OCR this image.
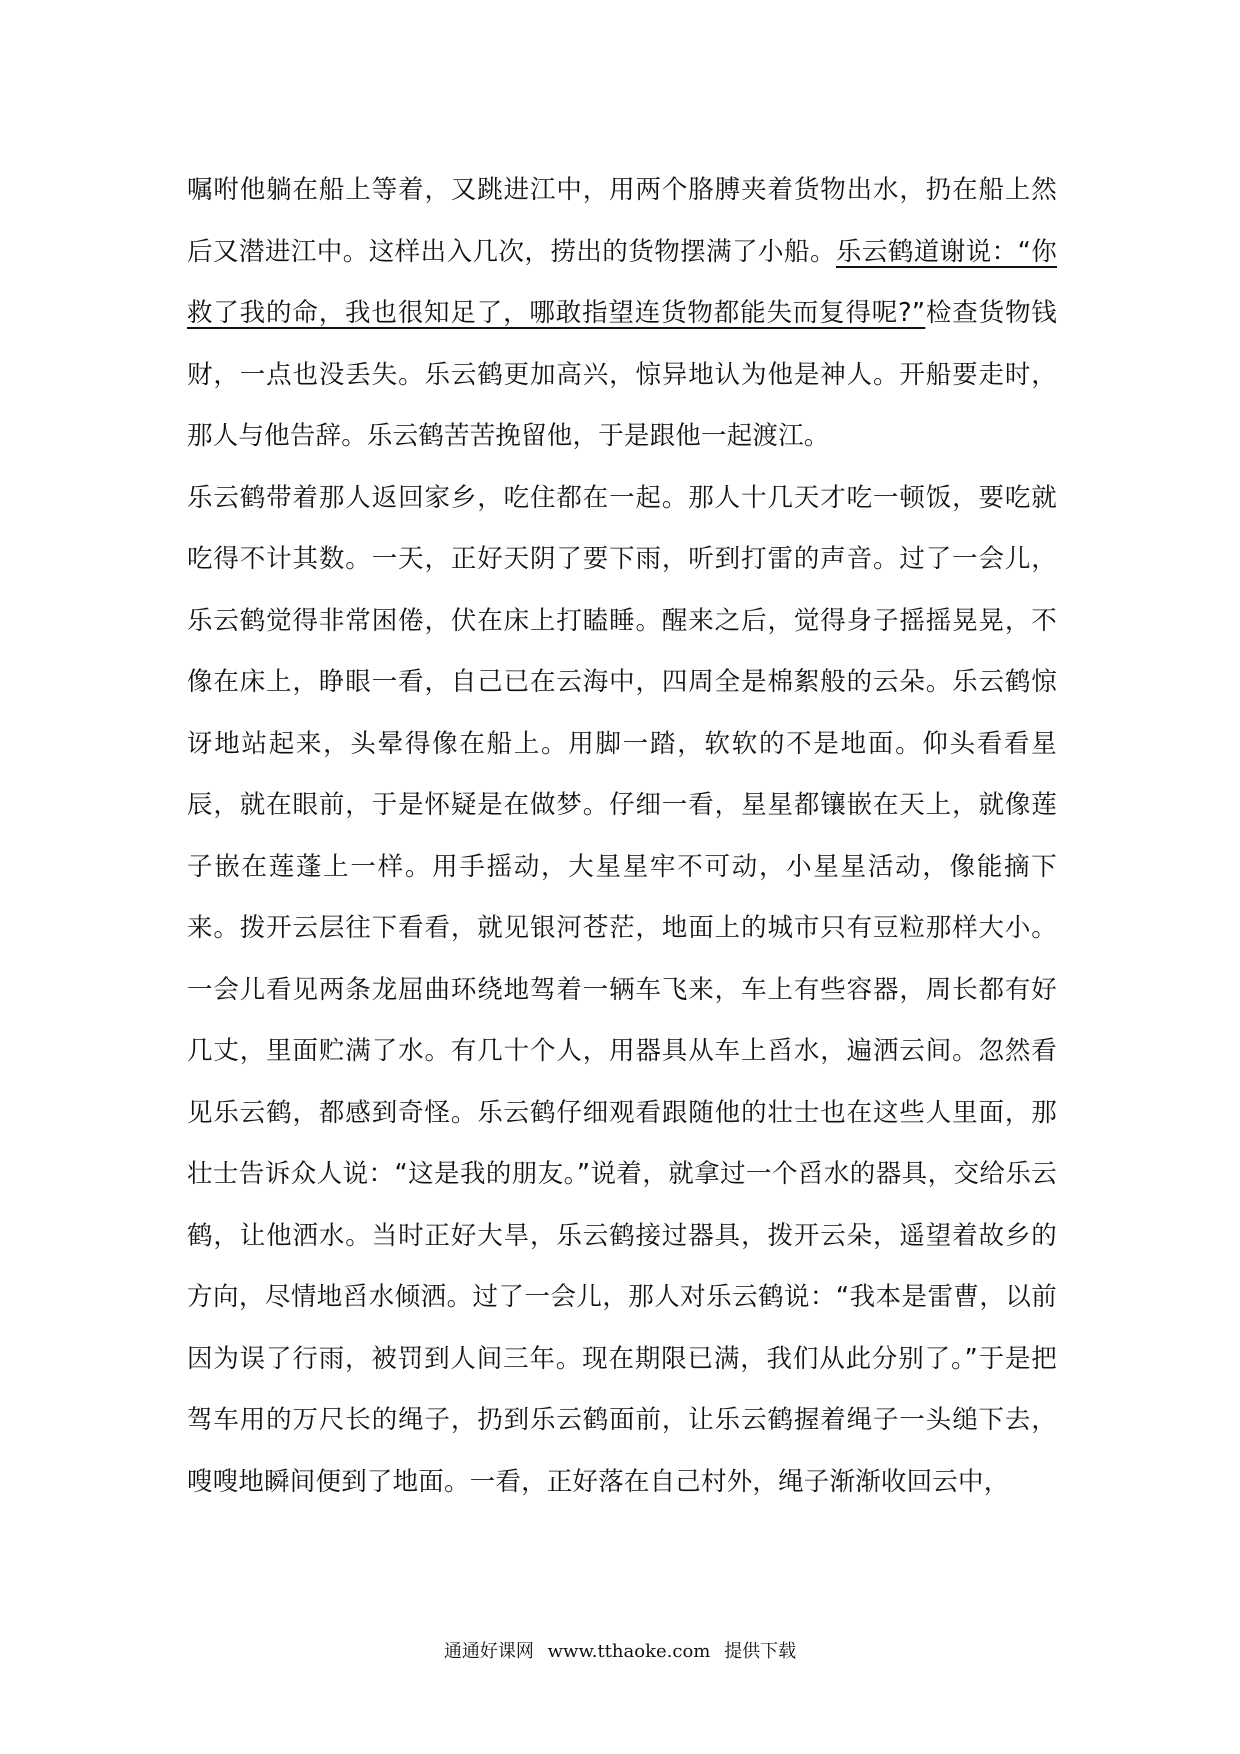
嘱咐他躺在船上等着，又跳进江中，用两个胳膊夹着货物出水，扔在船上然后又潜进江中。这样出入几次，捞出的货物摆满了小船。乐云鹤道谢说：“你救了我的命，我也很知足了，哪敢指望连货物都能失而复得呢?”检查货物钱财，一点也没丢失。乐云鹤更加高兴，惊异地认为他是神人。开船要走时，那人与他告辞。乐云鹤苦苦挽留他，于是跟他一起渡江。

乐云鹤带着那人返回家乡，吃住都在一起。那人十几天才吃一顿饭，要吃就吃得不计其数。一天，正好天阴了要下雨，听到打雷的声音。过了一会儿，乐云鹤觉得非常困倦，伏在床上打瞌睡。醒来之后，觉得身子摇摇晃晃，不像在床上，睁眼一看，自己已在云海中，四周全是棉絮般的云朵。乐云鹤惊讶地站起来，头晕得像在船上。用脚一踏，软软的不是地面。仰头看看星辰，就在眼前，于是怀疑是在做梦。仔细一看，星星都镶嵌在天上，就像莲子嵌在莲蓬上一样。用手摇动，大星星牢不可动，小星星活动，像能摘下来。拨开云层往下看看，就见银河苍茫，地面上的城市只有豆粒那样大小。一会儿看见两条龙屈曲环绕地驾着一辆车飞来，车上有些容器，周长都有好几丈，里面贮满了水。有几十个人，用器具从车上舀水，遍洒云间。忽然看见乐云鹤，都感到奇怪。乐云鹤仔细观看跟随他的壮士也在这些人里面，那壮士告诉众人说：“这是我的朋友。”说着，就拿过一个舀水的器具，交给乐云鹤，让他洒水。当时正好大旱，乐云鹤接过器具，拨开云朵，遥望着故乡的方向，尽情地舀水倾洒。过了一会儿，那人对乐云鹤说：“我本是雷曹，以前因为误了行雨，被罚到人间三年。现在期限已满，我们从此分别了。”于是把驾车用的万尺长的绳子，扔到乐云鹤面前，让乐云鹤握着绳子一头缒下去，嗖嗖地瞬间便到了地面。一看，正好落在自己村外，绳子渐渐收回云中，

通通好课网 www.tthaoke.com 提供下载
